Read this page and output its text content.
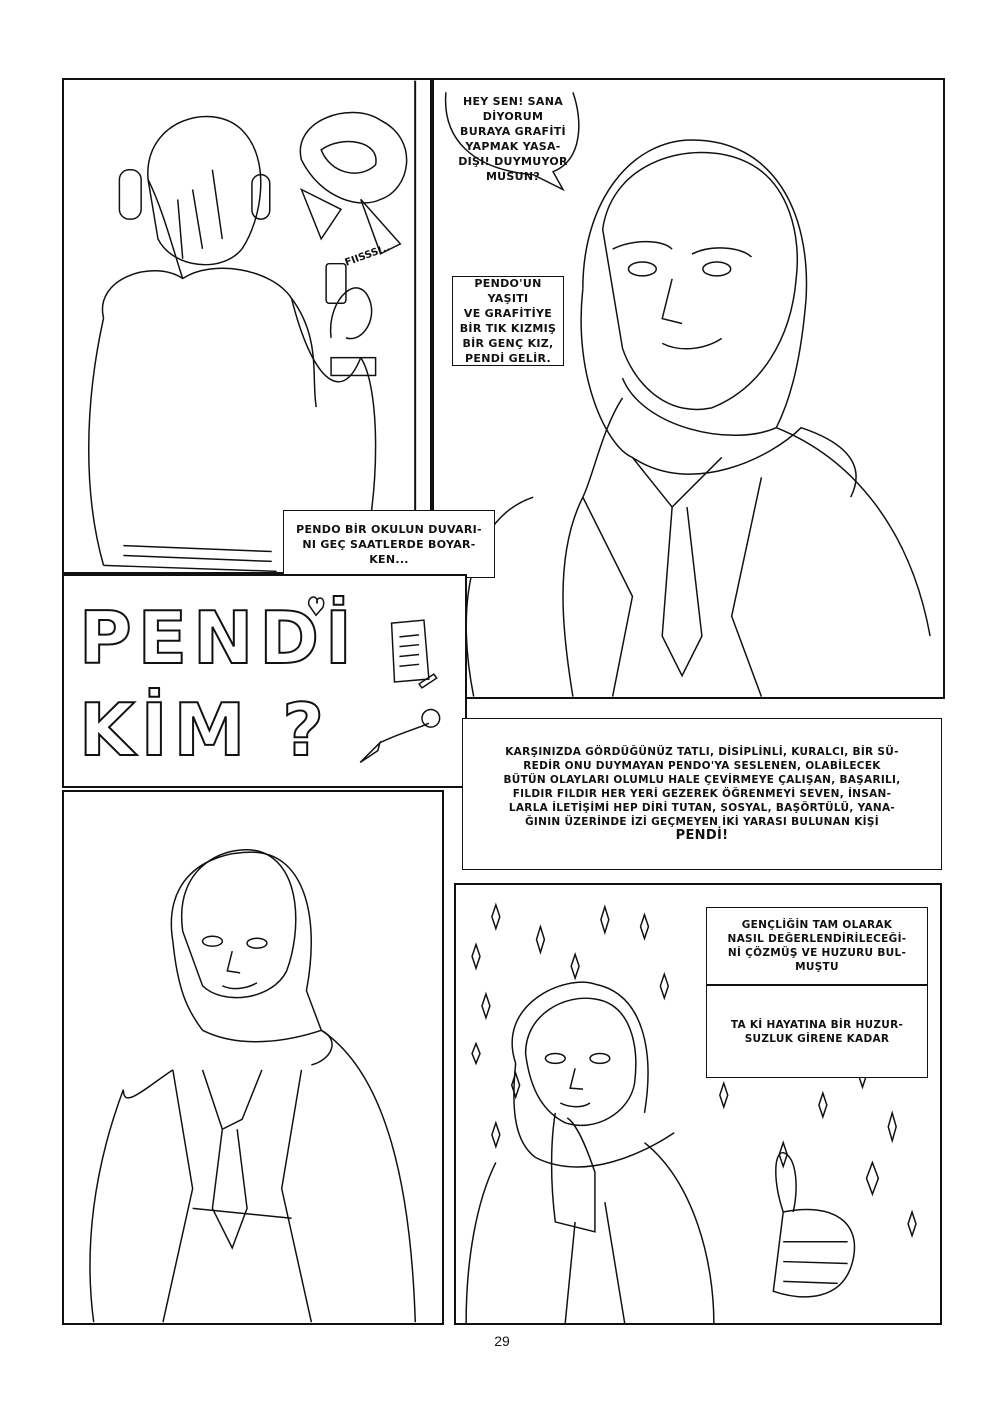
FIISSS!..
HEY SEN! SANA
DİYORUM
BURAYA GRAFİTİ
YAPMAK YASA-
DIŞI! DUYMUYOR
MUSUN?
PENDO'UN YAŞITI
VE GRAFİTİYE
BİR TIK KIZMIŞ
BİR GENÇ KIZ,
PENDİ GELİR.
PENDO BİR OKULUN DUVARI-
NI GEÇ SAATLERDE BOYAR-
KEN...
PENDİ
KİM ?	KARŞINIZDA GÖRDÜĞÜNÜZ TATLI, DİSİPLİNLİ, KURALCI, BİR SÜ-
REDİR ONU DUYMAYAN PENDO'YA SESLENEN, OLABİLECEK
BÜTÜN OLAYLARI OLUMLU HALE ÇEVİRMEYE ÇALIŞAN, BAŞARILI,
FILDIR FILDIR HER YERİ GEZEREK ÖĞRENMEYİ SEVEN, İNSAN-
LARLA İLETİŞİMİ HEP DİRİ TUTAN, SOSYAL, BAŞÖRTÜLÜ, YANA-
ĞININ ÜZERİNDE İZİ GEÇMEYEN İKİ YARASI BULUNAN KİŞİ
PENDİ!
GENÇLİĞİN TAM OLARAK
NASIL DEĞERLENDİRİLECEĞİ-
Nİ ÇÖZMÜŞ VE HUZURU BUL-
MUŞTU
TA Kİ HAYATINA BİR HUZUR-
SUZLUK GİRENE KADAR
29
